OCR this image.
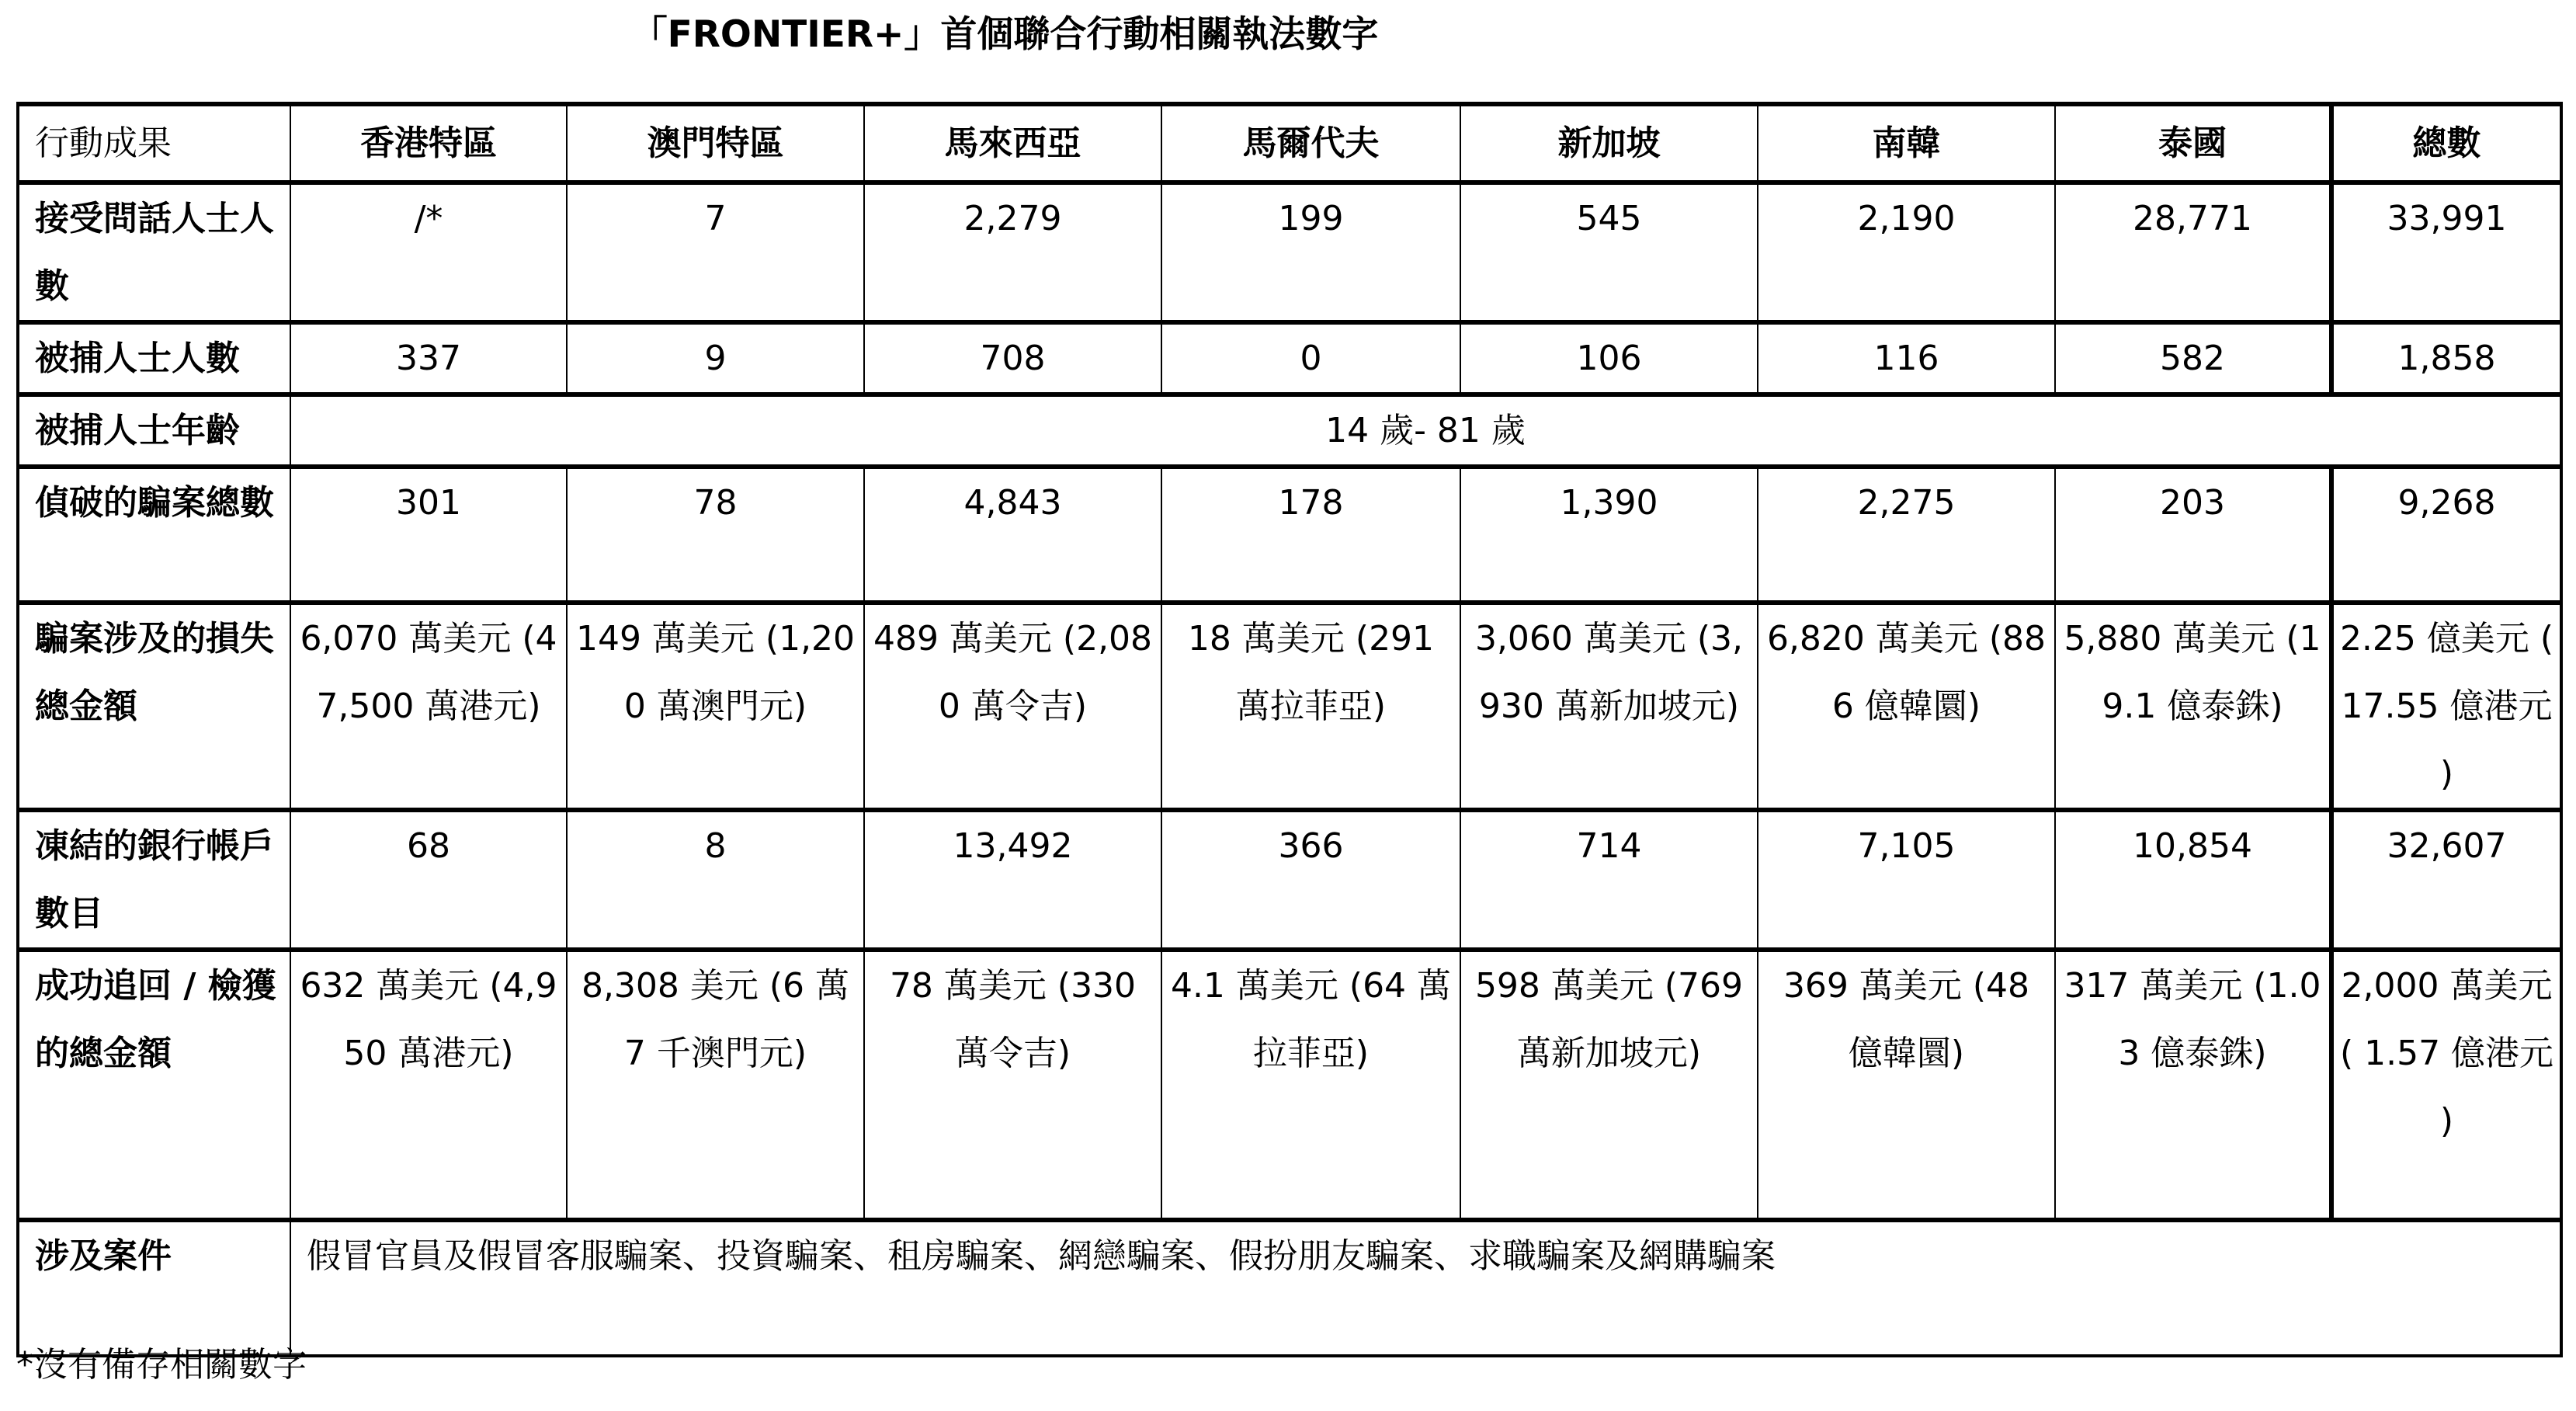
「FRONTIER+」首個聯合行動相關執法數字
行動成果	香港特區	澳門特區	馬來西亞	馬爾代夫	新加坡	南韓	泰國	總數
接受問話人士人數	/*	7	2,279	199	545	2,190	28,771	33,991
被捕人士人數	337	9	708	0	106	116	582	1,858
被捕人士年齡	14 歲- 81 歲							
偵破的騙案總數	301	78	4,843	178	1,390	2,275	203	9,268
騙案涉及的損失總金額	6,070 萬美元 (47,500 萬港元)	149 萬美元 (1,200 萬澳門元)	489 萬美元 (2,080 萬令吉)	18 萬美元 (291 萬拉菲亞)	3,060 萬美元 (3,930 萬新加坡元)	6,820 萬美元 (886 億韓圜)	5,880 萬美元 (19.1 億泰銖)	2.25 億美元 ( 17.55 億港元 )
凍結的銀行帳戶數目	68	8	13,492	366	714	7,105	10,854	32,607
成功追回 / 檢獲的總金額	632 萬美元 (4,950 萬港元)	8,308 美元 (6 萬 7 千澳門元)	78 萬美元 (330 萬令吉)	4.1 萬美元 (64 萬拉菲亞)	598 萬美元 (769 萬新加坡元)	369 萬美元 (48 億韓圜)	317 萬美元 (1.03 億泰銖)	2,000 萬美元 ( 1.57 億港元 )
涉及案件	假冒官員及假冒客服騙案、投資騙案、租房騙案、網戀騙案、假扮朋友騙案、求職騙案及網購騙案							
*沒有備存相關數字
